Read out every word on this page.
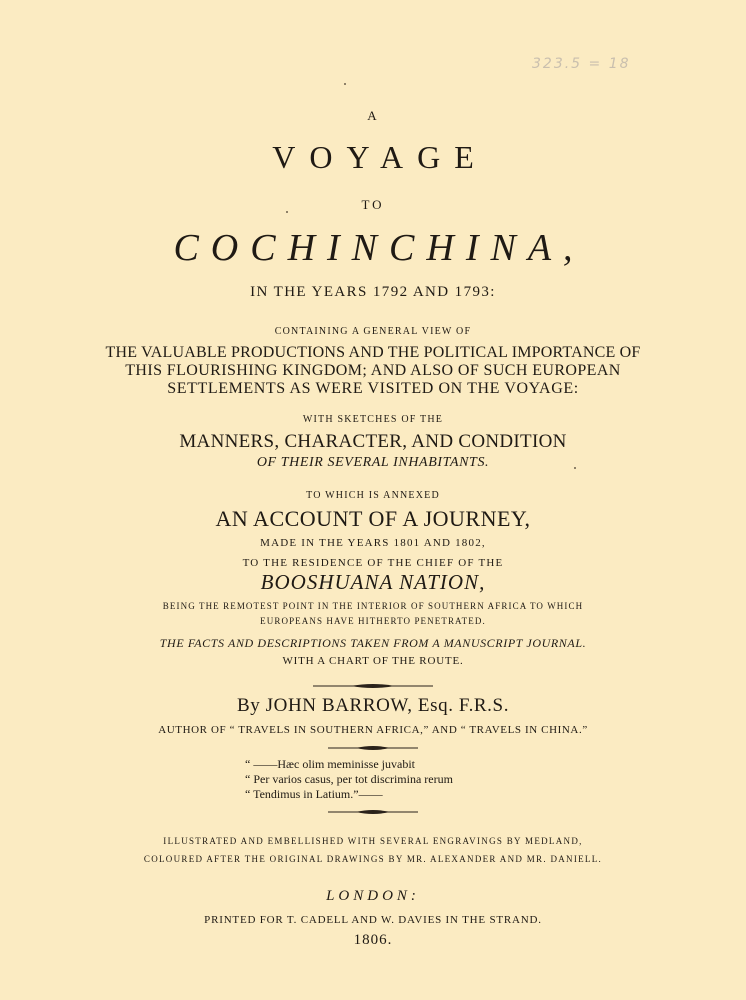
323.5 = 18
A
VOYAGE
TO
COCHINCHINA,
IN THE YEARS 1792 AND 1793:
CONTAINING A GENERAL VIEW OF
THE VALUABLE PRODUCTIONS AND THE POLITICAL IMPORTANCE OF
THIS FLOURISHING KINGDOM; AND ALSO OF SUCH EUROPEAN
SETTLEMENTS AS WERE VISITED ON THE VOYAGE:
WITH SKETCHES OF THE
MANNERS, CHARACTER, AND CONDITION
OF THEIR SEVERAL INHABITANTS.
TO WHICH IS ANNEXED
AN ACCOUNT OF A JOURNEY,
MADE IN THE YEARS 1801 AND 1802,
TO THE RESIDENCE OF THE CHIEF OF THE
BOOSHUANA NATION,
BEING THE REMOTEST POINT IN THE INTERIOR OF SOUTHERN AFRICA TO WHICH
EUROPEANS HAVE HITHERTO PENETRATED.
THE FACTS AND DESCRIPTIONS TAKEN FROM A MANUSCRIPT JOURNAL.
WITH A CHART OF THE ROUTE.
By JOHN BARROW, Esq. F.R.S.
AUTHOR OF “ TRAVELS IN SOUTHERN AFRICA,” AND “ TRAVELS IN CHINA.”
“ ——Hæc olim meminisse juvabit
“ Per varios casus, per tot discrimina rerum
“ Tendimus in Latium.”——
ILLUSTRATED AND EMBELLISHED WITH SEVERAL ENGRAVINGS BY MEDLAND,
COLOURED AFTER THE ORIGINAL DRAWINGS BY MR. ALEXANDER AND MR. DANIELL.
LONDON:
PRINTED FOR T. CADELL AND W. DAVIES IN THE STRAND.
1806.
